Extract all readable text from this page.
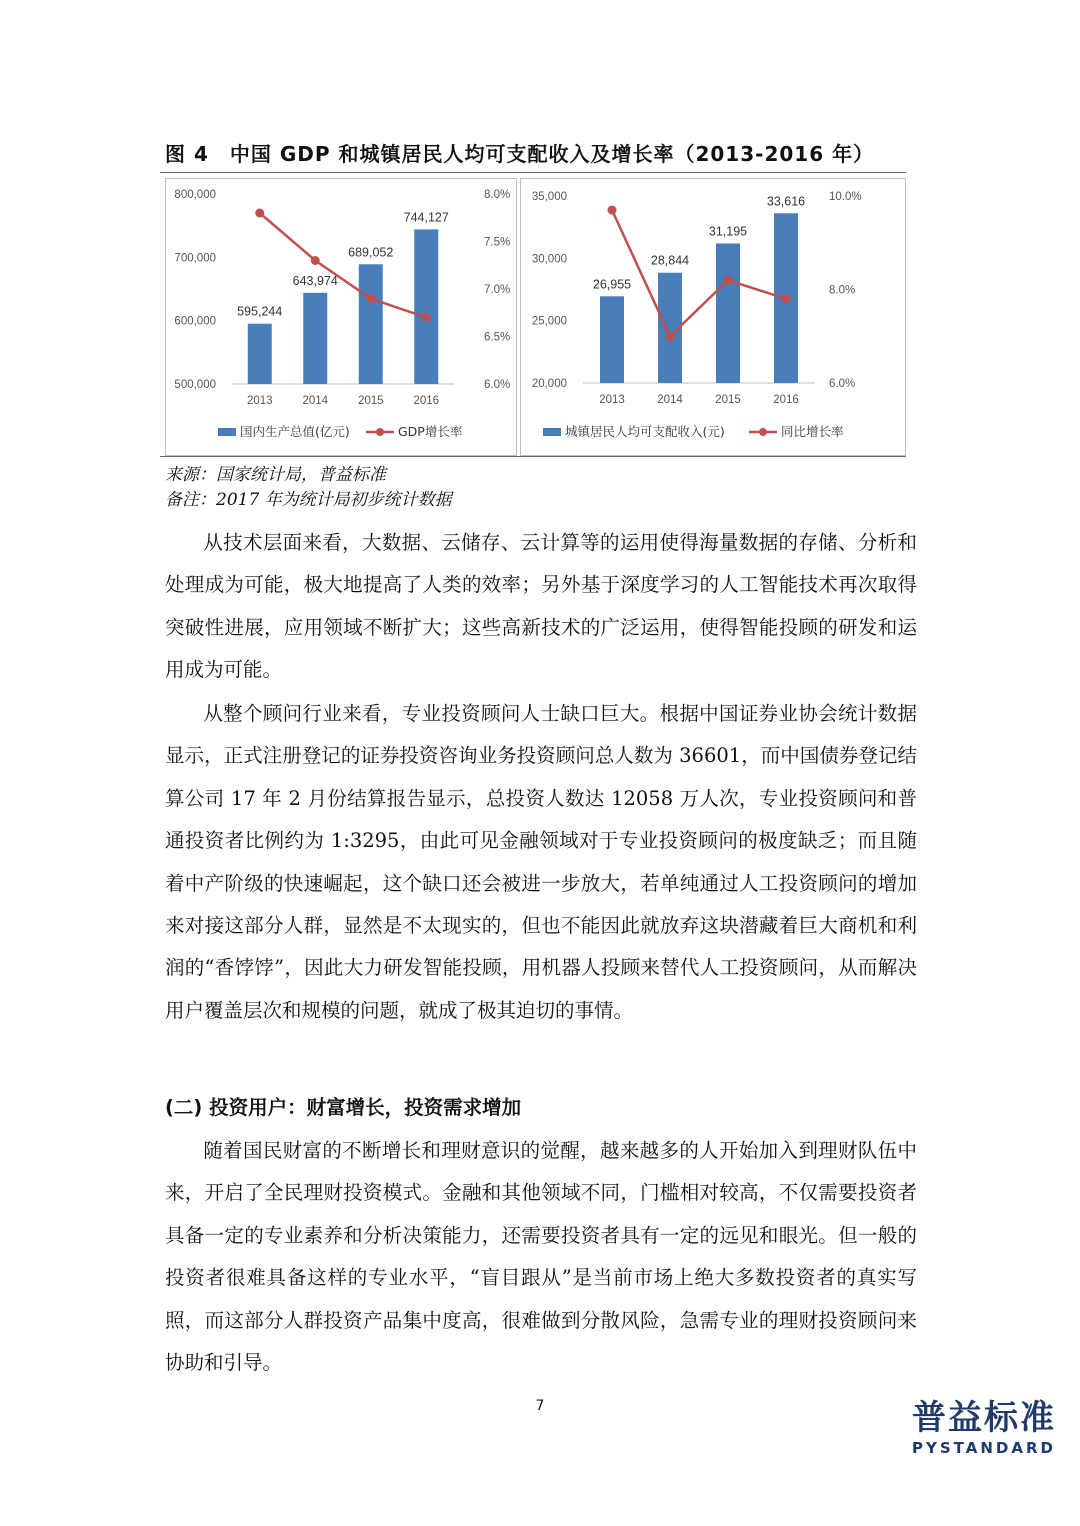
图 4　中国 GDP 和城镇居民人均可支配收入及增长率（2013-2016 年）
800,000
700,000
600,000
500,000
8.0%
7.5%
7.0%
6.5%
6.0%
595,244
2013
643,974
2014
689,052
2015
744,127
2016
国内生产总值(亿元)	GDP增长率
35,000
30,000
25,000
20,000
10.0%
8.0%
6.0%
26,955
2013
28,844
2014
31,195
2015
33,616
2016
城镇居民人均可支配收入(元)	同比增长率
来源：国家统计局，普益标准
备注：2017 年为统计局初步统计数据

从技术层面来看，大数据、云储存、云计算等的运用使得海量数据的存储、分析和处理成为可能，极大地提高了人类的效率；另外基于深度学习的人工智能技术再次取得突破性进展，应用领域不断扩大；这些高新技术的广泛运用，使得智能投顾的研发和运用成为可能。

从整个顾问行业来看，专业投资顾问人士缺口巨大。根据中国证券业协会统计数据显示，正式注册登记的证券投资咨询业务投资顾问总人数为 36601，而中国债券登记结算公司 17 年 2 月份结算报告显示，总投资人数达 12058 万人次，专业投资顾问和普通投资者比例约为 1:3295，由此可见金融领域对于专业投资顾问的极度缺乏；而且随着中产阶级的快速崛起，这个缺口还会被进一步放大，若单纯通过人工投资顾问的增加来对接这部分人群，显然是不太现实的，但也不能因此就放弃这块潜藏着巨大商机和利润的“香饽饽”，因此大力研发智能投顾，用机器人投顾来替代人工投资顾问，从而解决用户覆盖层次和规模的问题，就成了极其迫切的事情。

(二) 投资用户：财富增长，投资需求增加

随着国民财富的不断增长和理财意识的觉醒，越来越多的人开始加入到理财队伍中来，开启了全民理财投资模式。金融和其他领域不同，门槛相对较高，不仅需要投资者具备一定的专业素养和分析决策能力，还需要投资者具有一定的远见和眼光。但一般的投资者很难具备这样的专业水平，“盲目跟从”是当前市场上绝大多数投资者的真实写照，而这部分人群投资产品集中度高，很难做到分散风险，急需专业的理财投资顾问来协助和引导。

7	普益标准
PYSTANDARD
